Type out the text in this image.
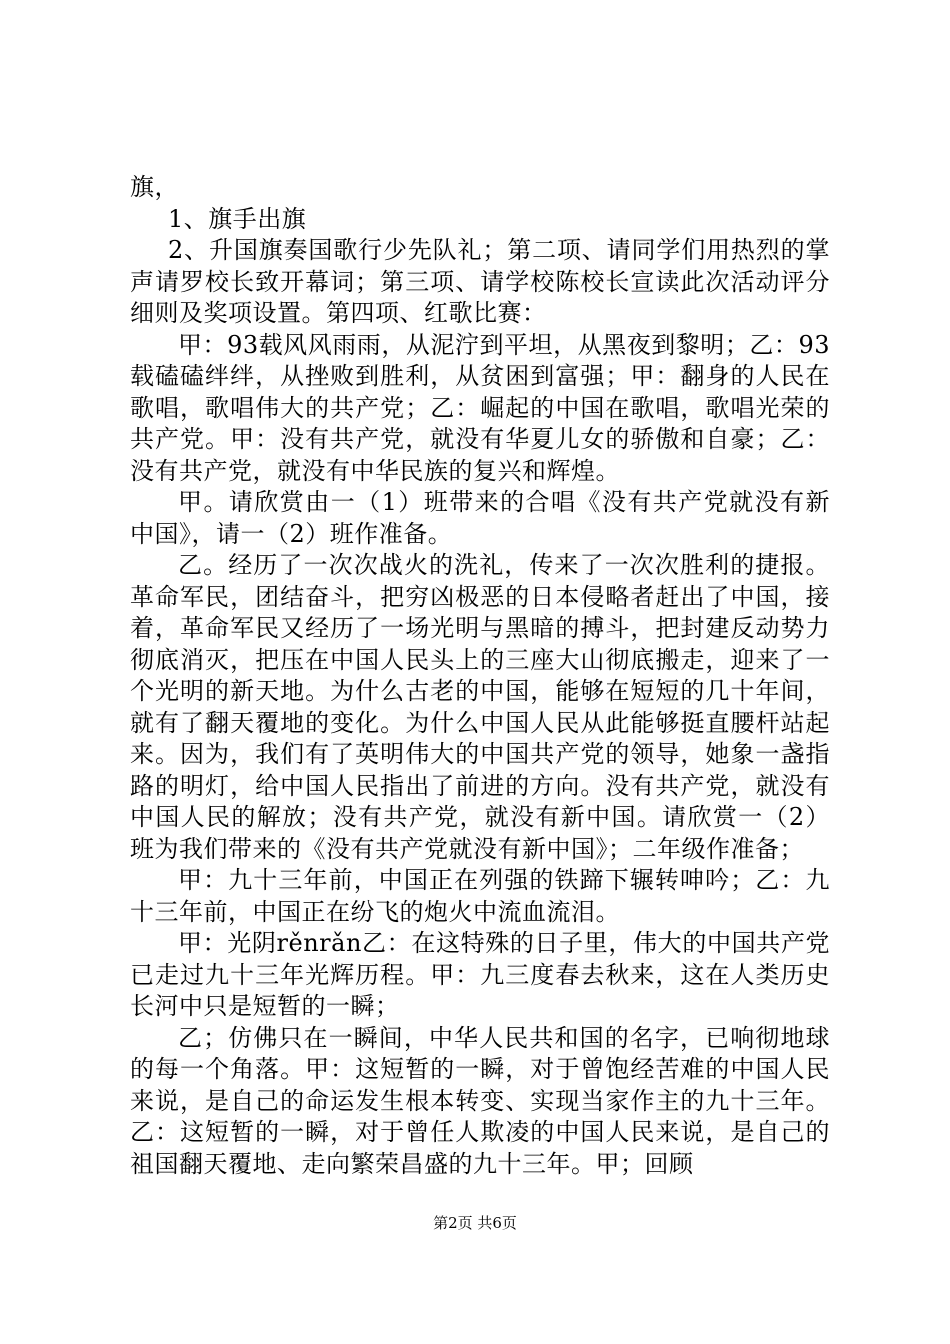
旗，

1、旗手出旗

2、升国旗奏国歌行少先队礼；第二项、请同学们用热烈的掌声请罗校长致开幕词；第三项、请学校陈校长宣读此次活动评分细则及奖项设置。第四项、红歌比赛：

甲：93载风风雨雨，从泥泞到平坦，从黑夜到黎明；乙：93载磕磕绊绊，从挫败到胜利，从贫困到富强；甲：翻身的人民在歌唱，歌唱伟大的共产党；乙：崛起的中国在歌唱，歌唱光荣的共产党。甲：没有共产党，就没有华夏儿女的骄傲和自豪；乙：没有共产党，就没有中华民族的复兴和辉煌。

甲。请欣赏由一（1）班带来的合唱《没有共产党就没有新中国》，请一（2）班作准备。

乙。经历了一次次战火的洗礼，传来了一次次胜利的捷报。革命军民，团结奋斗，把穷凶极恶的日本侵略者赶出了中国，接着，革命军民又经历了一场光明与黑暗的搏斗，把封建反动势力彻底消灭，把压在中国人民头上的三座大山彻底搬走，迎来了一个光明的新天地。为什么古老的中国，能够在短短的几十年间，就有了翻天覆地的变化。为什么中国人民从此能够挺直腰杆站起来。因为，我们有了英明伟大的中国共产党的领导，她象一盏指路的明灯，给中国人民指出了前进的方向。没有共产党，就没有中国人民的解放；没有共产党，就没有新中国。请欣赏一（2）班为我们带来的《没有共产党就没有新中国》；二年级作准备；

甲：九十三年前，中国正在列强的铁蹄下辗转呻吟；乙：九十三年前，中国正在纷飞的炮火中流血流泪。

甲：光阴rěnrǎn乙：在这特殊的日子里，伟大的中国共产党已走过九十三年光辉历程。甲：九三度春去秋来，这在人类历史长河中只是短暂的一瞬；

乙；仿佛只在一瞬间，中华人民共和国的名字，已响彻地球的每一个角落。甲：这短暂的一瞬，对于曾饱经苦难的中国人民来说，是自己的命运发生根本转变、实现当家作主的九十三年。乙：这短暂的一瞬，对于曾任人欺凌的中国人民来说，是自己的祖国翻天覆地、走向繁荣昌盛的九十三年。甲；回顾

第2页 共6页
